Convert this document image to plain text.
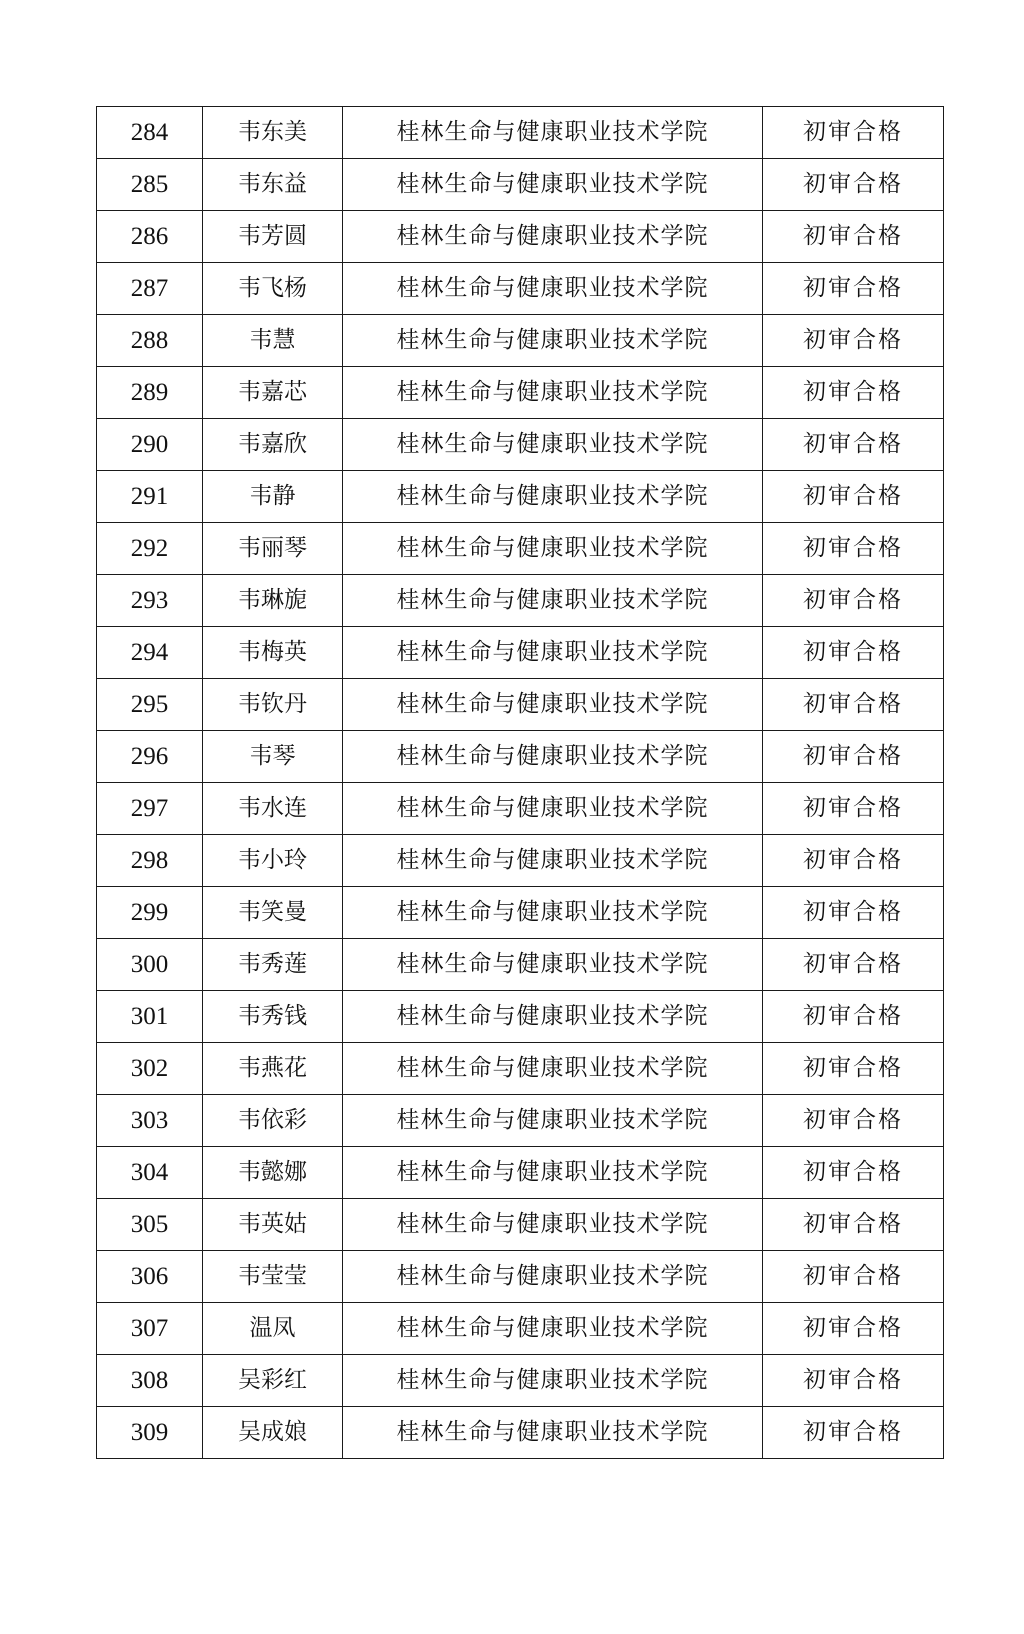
284	韦东美	桂林生命与健康职业技术学院	初审合格
285	韦东益	桂林生命与健康职业技术学院	初审合格
286	韦芳圆	桂林生命与健康职业技术学院	初审合格
287	韦飞杨	桂林生命与健康职业技术学院	初审合格
288	韦慧	桂林生命与健康职业技术学院	初审合格
289	韦嘉芯	桂林生命与健康职业技术学院	初审合格
290	韦嘉欣	桂林生命与健康职业技术学院	初审合格
291	韦静	桂林生命与健康职业技术学院	初审合格
292	韦丽琴	桂林生命与健康职业技术学院	初审合格
293	韦琳旎	桂林生命与健康职业技术学院	初审合格
294	韦梅英	桂林生命与健康职业技术学院	初审合格
295	韦钦丹	桂林生命与健康职业技术学院	初审合格
296	韦琴	桂林生命与健康职业技术学院	初审合格
297	韦水连	桂林生命与健康职业技术学院	初审合格
298	韦小玲	桂林生命与健康职业技术学院	初审合格
299	韦笑曼	桂林生命与健康职业技术学院	初审合格
300	韦秀莲	桂林生命与健康职业技术学院	初审合格
301	韦秀钱	桂林生命与健康职业技术学院	初审合格
302	韦燕花	桂林生命与健康职业技术学院	初审合格
303	韦依彩	桂林生命与健康职业技术学院	初审合格
304	韦懿娜	桂林生命与健康职业技术学院	初审合格
305	韦英姑	桂林生命与健康职业技术学院	初审合格
306	韦莹莹	桂林生命与健康职业技术学院	初审合格
307	温凤	桂林生命与健康职业技术学院	初审合格
308	吴彩红	桂林生命与健康职业技术学院	初审合格
309	吴成娘	桂林生命与健康职业技术学院	初审合格
